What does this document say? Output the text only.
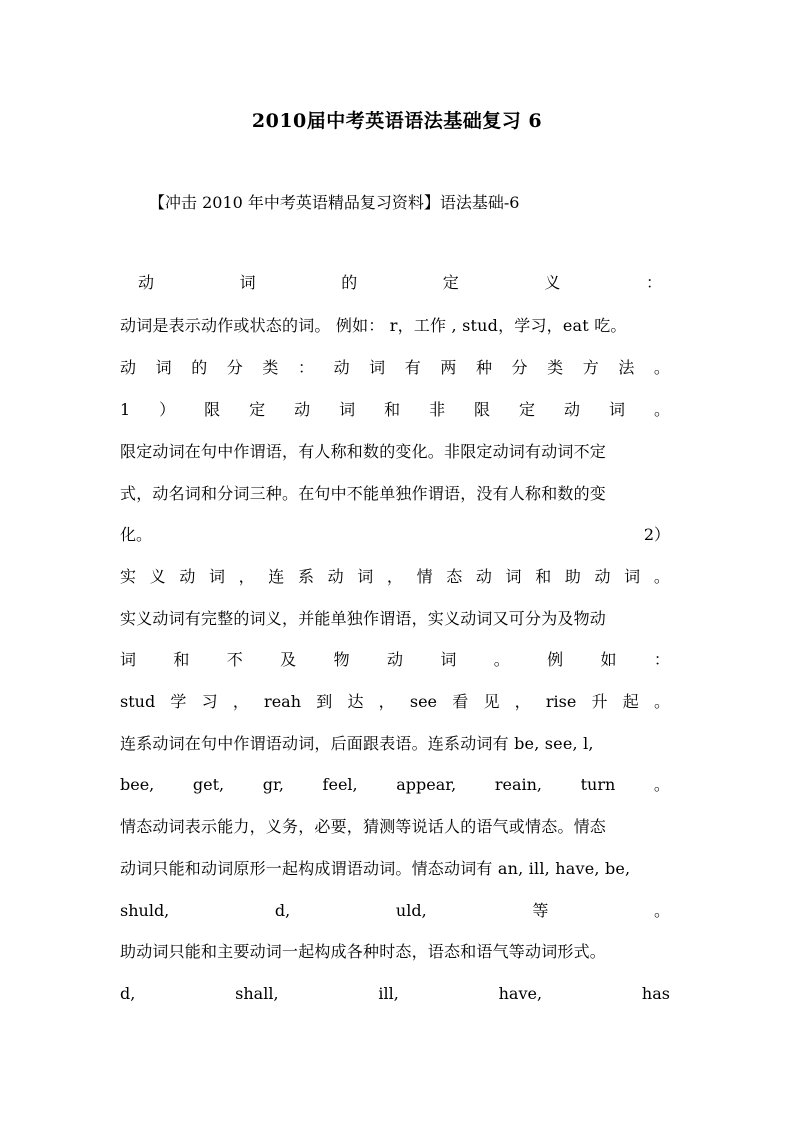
2010届中考英语语法基础复习 6
【冲击 2010 年中考英语精品复习资料】语法基础-6
动	词	的	定	义	：
动词是表示动作或状态的词。 例如： r，工作 , stud，学习，eat 吃。
动 词 的 分 类 ： 动 词 有 两 种 分 类 方 法 。
1 ） 限 定 动 词 和 非 限 定 动 词 。
限定动词在句中作谓语，有人称和数的变化。非限定动词有动词不定
式，动名词和分词三种。在句中不能单独作谓语，没有人称和数的变
化。	2）
实 义 动 词 ， 连 系 动 词 ， 情 态 动 词 和 助 动 词 。
实义动词有完整的词义，并能单独作谓语，实义动词又可分为及物动
词 和 不 及 物 动 词 。 例 如 ：
stud 学 习 ， reah 到 达 ， see 看 见 ， rise 升 起 。
连系动词在句中作谓语动词，后面跟表语。连系动词有 be, see, l,
bee, get, gr, feel, appear, reain, turn 。
情态动词表示能力，义务，必要，猜测等说话人的语气或情态。情态
动词只能和动词原形一起构成谓语动词。情态动词有 an, ill, have, be,
shuld,	d,	uld,	等	。
助动词只能和主要动词一起构成各种时态，语态和语气等动词形式。
d,	shall,	ill,	have,	has
